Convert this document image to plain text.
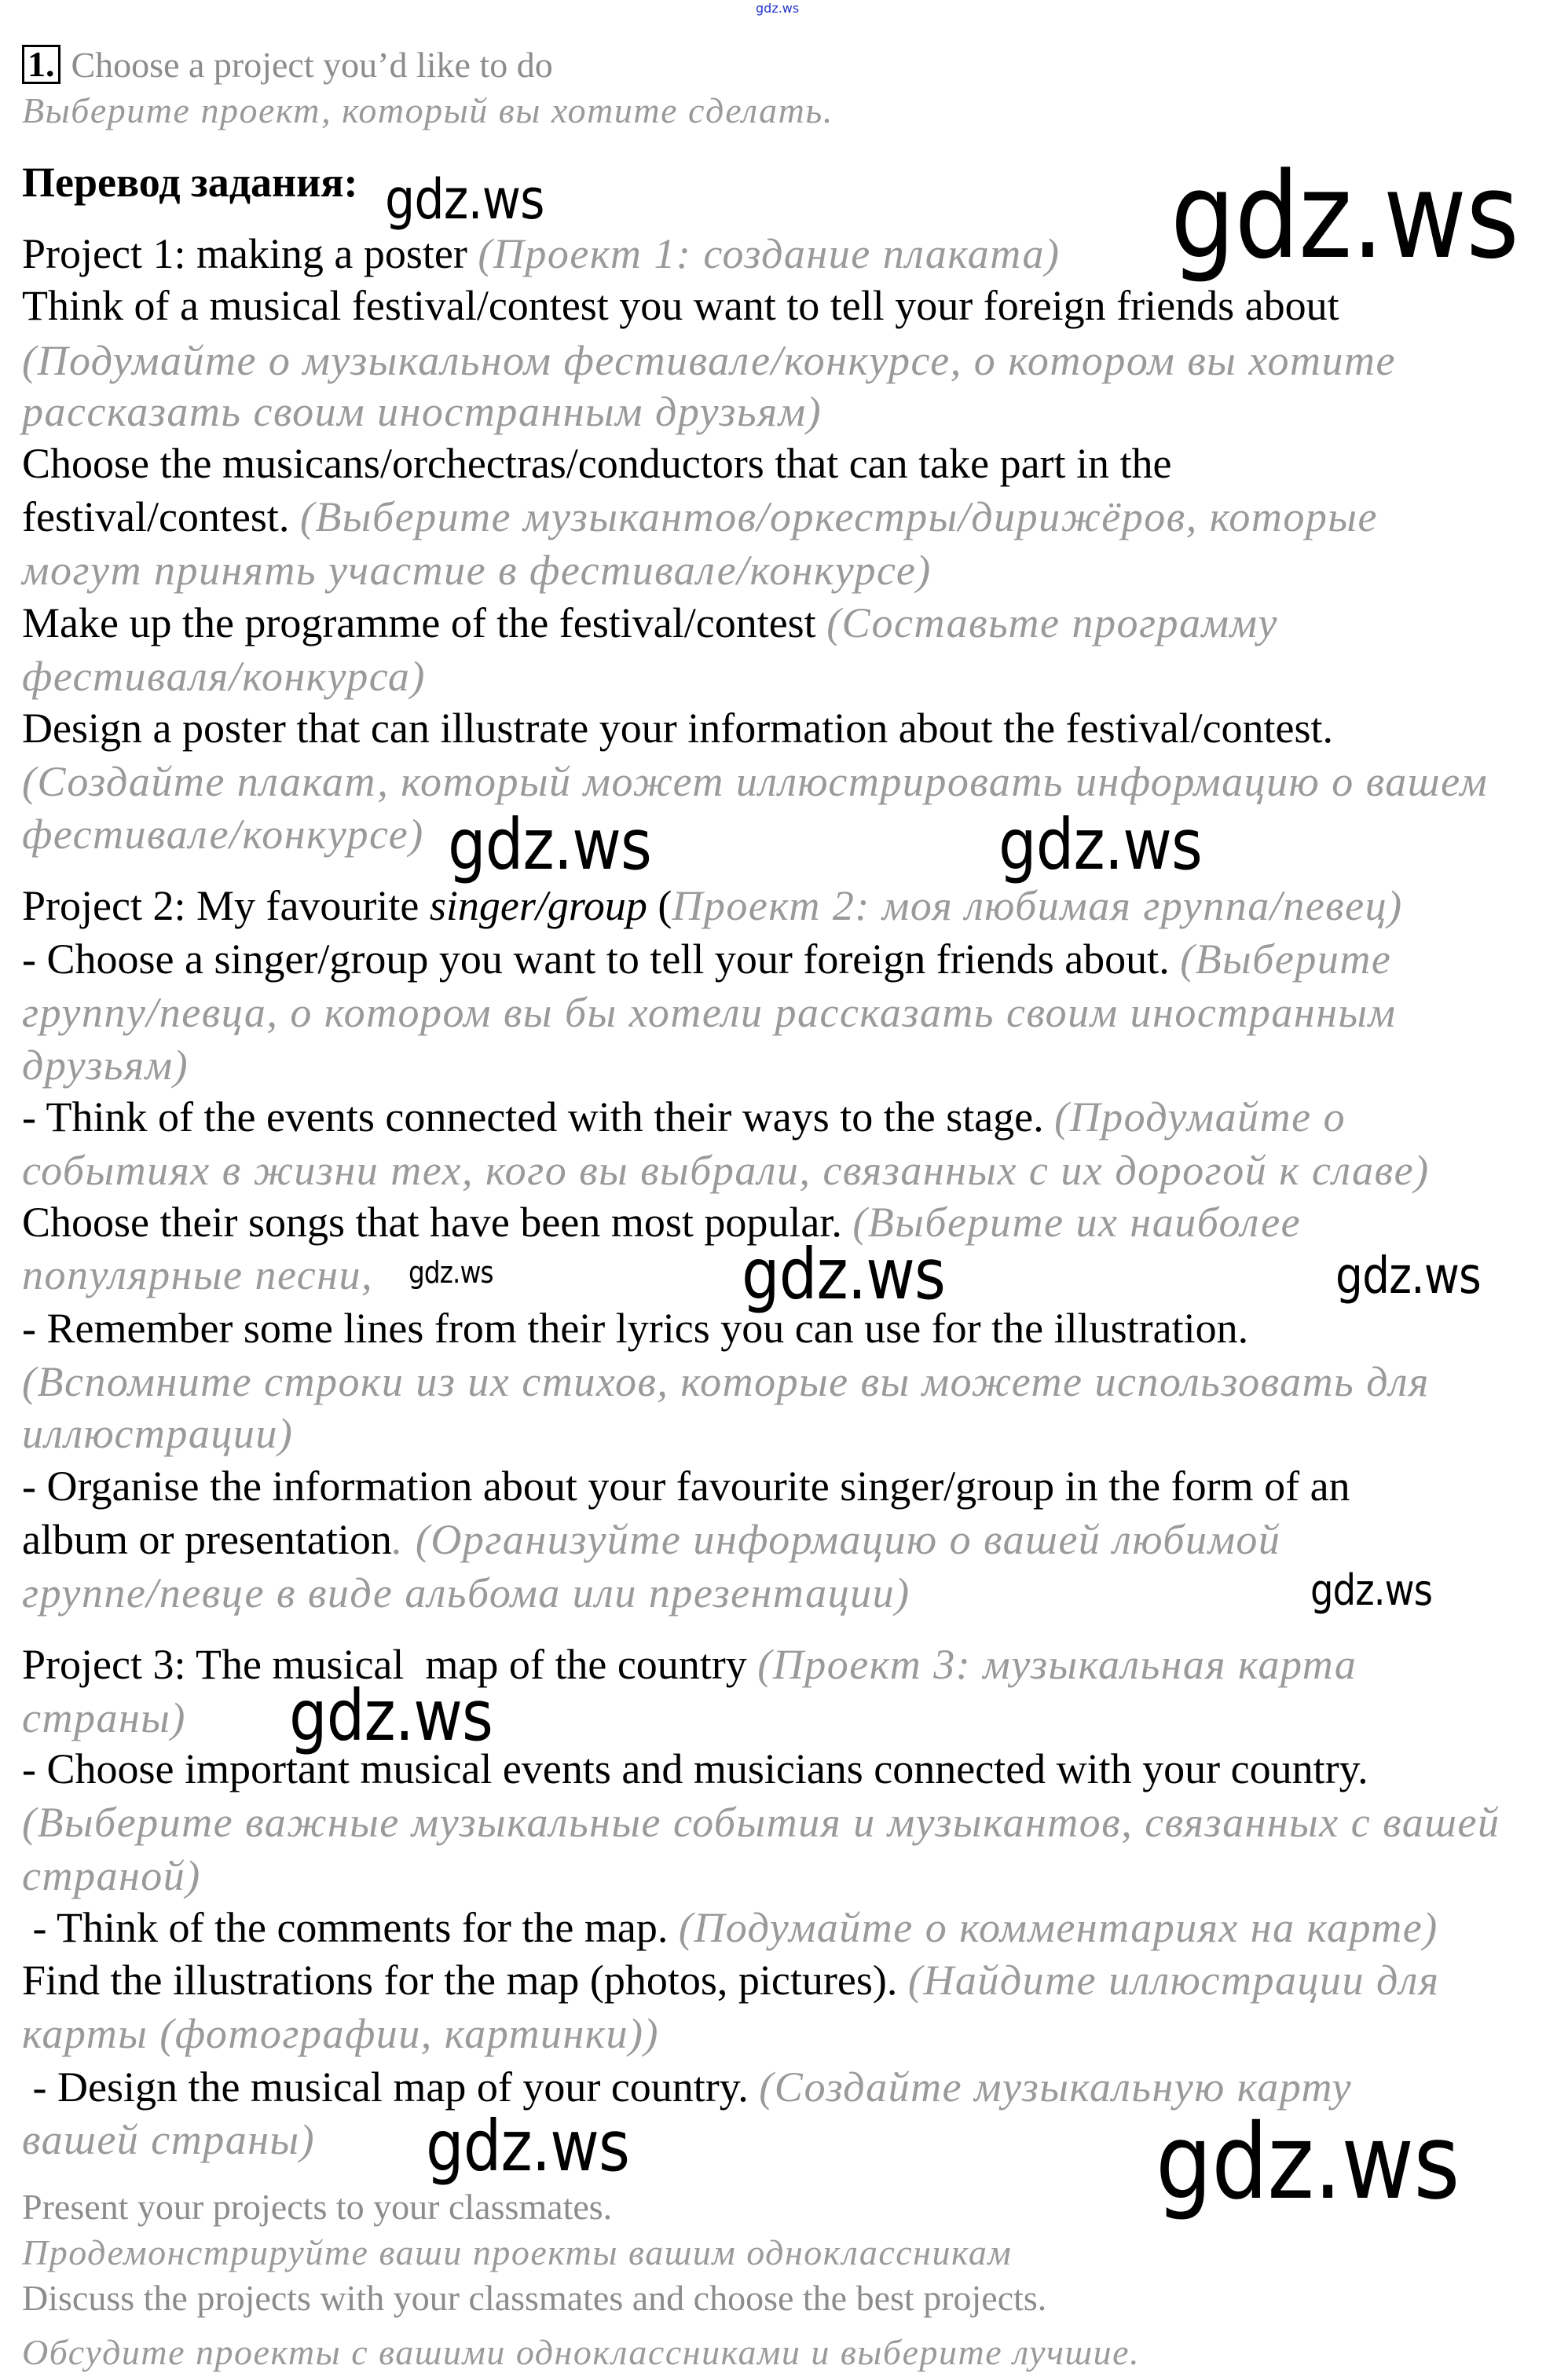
1. Choose a project you’d like to do
Выберите проект, который вы хотите сделать.
Перевод задания:
Project 1: making a poster (Проект 1: создание плаката)
Think of a musical festival/contest you want to tell your foreign friends about
(Подумайте о музыкальном фестивале/конкурсе, о котором вы хотите
рассказать своим иностранным друзьям)
Choose the musicans/orchectras/conductors that can take part in the
festival/contest. (Выберите музыкантов/оркестры/дирижёров, которые
могут принять участие в фестивале/конкурсе)
Make up the programme of the festival/contest (Составьте программу
фестиваля/конкурса)
Design a poster that can illustrate your information about the festival/contest.
(Создайте плакат, который может иллюстрировать информацию о вашем
фестивале/конкурсе)
Project 2: My favourite singer/group (Проект 2: моя любимая группа/певец)
- Choose a singer/group you want to tell your foreign friends about. (Выберите
группу/певца, о котором вы бы хотели рассказать своим иностранным
друзьям)
- Think of the events connected with their ways to the stage. (Продумайте о
событиях в жизни тех, кого вы выбрали, связанных с их дорогой к славе)
Choose their songs that have been most popular. (Выберите их наиболее
популярные песни,
- Remember some lines from their lyrics you can use for the illustration.
(Вспомните строки из их стихов, которые вы можете использовать для
иллюстрации)
- Organise the information about your favourite singer/group in the form of an
album or presentation. (Организуйте информацию о вашей любимой
группе/певце в виде альбома или презентации)
Project 3: The musical  map of the country (Проект 3: музыкальная карта
страны)
- Choose important musical events and musicians connected with your country.
(Выберите важные музыкальные события и музыкантов, связанных с вашей
страной)
- Think of the comments for the map. (Подумайте о комментариях на карте)
Find the illustrations for the map (photos, pictures). (Найдите иллюстрации для
карты (фотографии, картинки))
- Design the musical map of your country. (Создайте музыкальную карту
вашей страны)
Present your projects to your classmates.
Продемонстрируйте ваши проекты вашим одноклассникам
Discuss the projects with your classmates and choose the best projects.
Обсудите проекты с вашими одноклассниками и выберите лучшие.
gdz.ws
gdz.ws	gdz.ws
gdz.ws	gdz.ws
gdz.ws	gdz.ws	gdz.ws
gdz.ws
gdz.ws
gdz.ws	gdz.ws
